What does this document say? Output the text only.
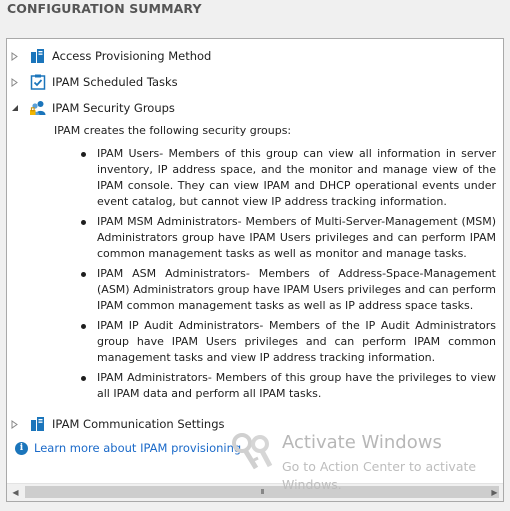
CONFIGURATION SUMMARY
Access Provisioning Method
IPAM Scheduled Tasks
IPAM Security Groups

IPAM creates the following security groups:

IPAM Users- Members of this group can view all information in server inventory, IP address space, and the monitor and manage view of the IPAM console. They can view IPAM and DHCP operational events under event catalog, but cannot view IP address tracking information.
IPAM MSM Administrators- Members of Multi-Server-Management (MSM) Administrators group have IPAM Users privileges and can perform IPAM common management tasks as well as monitor and manage tasks.
IPAM ASM Administrators- Members of Address-Space-Management (ASM) Administrators group have IPAM Users privileges and can perform IPAM common management tasks as well as IP address space tasks.
IPAM IP Audit Administrators- Members of the IP Audit Administrators group have IPAM Users privileges and can perform IPAM common management tasks and view IP address tracking information.
IPAM Administrators- Members of this group have the privileges to view all IPAM data and perform all IPAM tasks.
IPAM Communication Settings
i Learn more about IPAM provisioning
◀	III	▶
Activate Windows
Go to Action Center to activate Windows.
